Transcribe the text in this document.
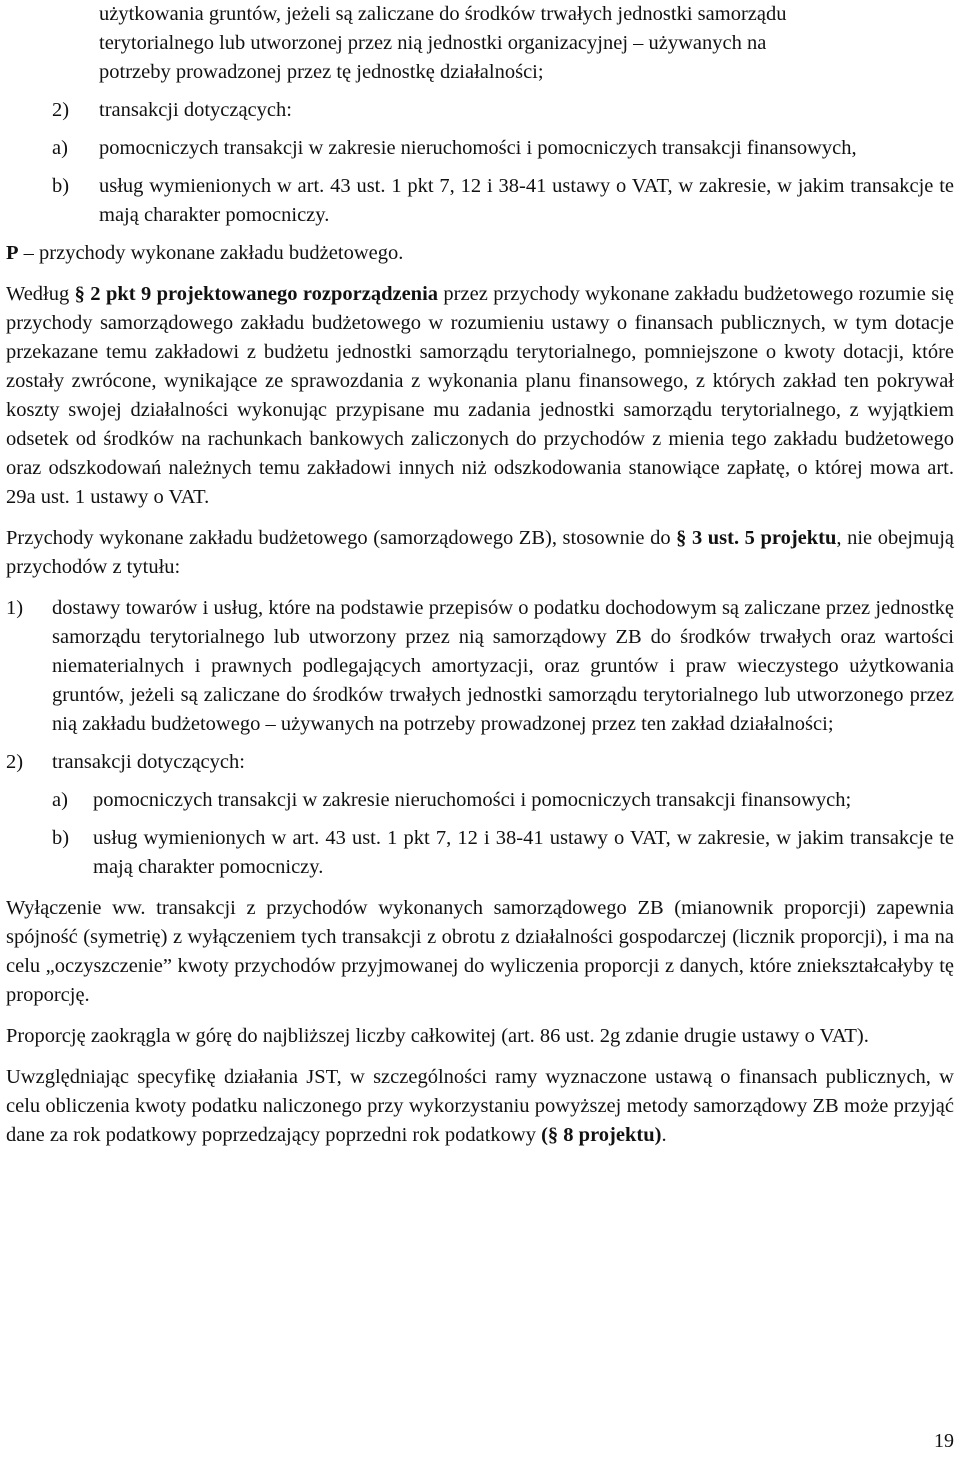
użytkowania gruntów, jeżeli są zaliczane do środków trwałych jednostki samorządu

terytorialnego lub utworzonej przez nią jednostki organizacyjnej – używanych na

potrzeby prowadzonej przez tę jednostkę działalności;

2)	transakcji dotyczących:
a)	pomocniczych transakcji w zakresie nieruchomości i pomocniczych transakcji finansowych,
b)	usług wymienionych w art. 43 ust. 1 pkt 7, 12 i 38-41 ustawy o VAT, w zakresie, w jakim transakcje te mają charakter pomocniczy.

P – przychody wykonane zakładu budżetowego.

Według § 2 pkt 9 projektowanego rozporządzenia przez przychody wykonane zakładu budżetowego rozumie się przychody samorządowego zakładu budżetowego w rozumieniu ustawy o finansach publicznych, w tym dotacje przekazane temu zakładowi z budżetu jednostki samorządu terytorialnego, pomniejszone o kwoty dotacji, które zostały zwrócone, wynikające ze sprawozdania z wykonania planu finansowego, z których zakład ten pokrywał koszty swojej działalności wykonując przypisane mu zadania jednostki samorządu terytorialnego, z wyjątkiem odsetek od środków na rachunkach bankowych zaliczonych do przychodów z mienia tego zakładu budżetowego oraz odszkodowań należnych temu zakładowi innych niż odszkodowania stanowiące zapłatę, o której mowa art. 29a ust. 1 ustawy o VAT.

Przychody wykonane zakładu budżetowego (samorządowego ZB), stosownie do § 3 ust. 5 projektu, nie obejmują przychodów z tytułu:

1)	dostawy towarów i usług, które na podstawie przepisów o podatku dochodowym są zaliczane przez jednostkę samorządu terytorialnego lub utworzony przez nią samorządowy ZB do środków trwałych oraz wartości niematerialnych i prawnych podlegających amortyzacji, oraz gruntów i praw wieczystego użytkowania gruntów, jeżeli są zaliczane do środków trwałych jednostki samorządu terytorialnego lub utworzonego przez nią zakładu budżetowego – używanych na potrzeby prowadzonej przez ten zakład działalności;
2)	transakcji dotyczących:
a)	pomocniczych transakcji w zakresie nieruchomości i pomocniczych transakcji finansowych;
b)	usług wymienionych w art. 43 ust. 1 pkt 7, 12 i 38-41 ustawy o VAT, w zakresie, w jakim transakcje te mają charakter pomocniczy.

Wyłączenie ww. transakcji z przychodów wykonanych samorządowego ZB (mianownik proporcji) zapewnia spójność (symetrię) z wyłączeniem tych transakcji z obrotu z działalności gospodarczej (licznik proporcji), i ma na celu „oczyszczenie” kwoty przychodów przyjmowanej do wyliczenia proporcji z danych, które zniekształcałyby tę proporcję.

Proporcję zaokrągla w górę do najbliższej liczby całkowitej (art. 86 ust. 2g zdanie drugie ustawy o VAT).

Uwzględniając specyfikę działania JST, w szczególności ramy wyznaczone ustawą o finansach publicznych, w celu obliczenia kwoty podatku naliczonego przy wykorzystaniu powyższej metody samorządowy ZB może przyjąć dane za rok podatkowy poprzedzający poprzedni rok podatkowy (§ 8 projektu).

19
